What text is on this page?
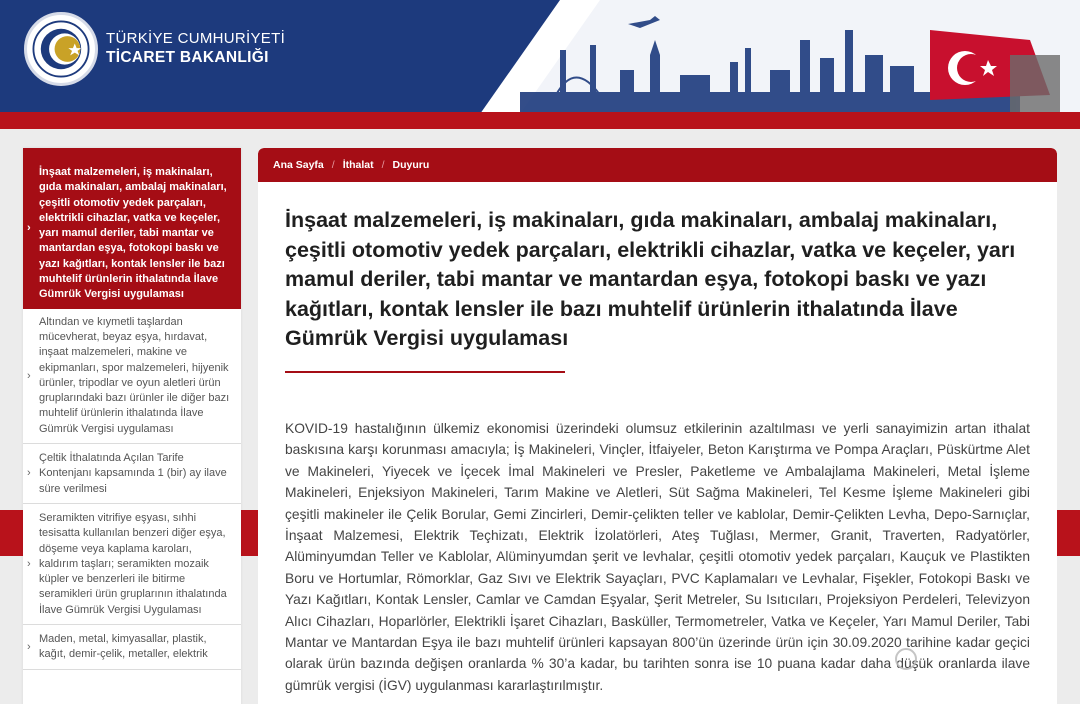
TÜRKİYE CUMHURİYETİ
TİCARET BAKANLIĞI
›
İnşaat malzemeleri, iş makinaları, gıda makinaları, ambalaj makinaları, çeşitli otomotiv yedek parçaları, elektrikli cihazlar, vatka ve keçeler, yarı mamul deriler, tabi mantar ve mantardan eşya, fotokopi baskı ve yazı kağıtları, kontak lensler ile bazı muhtelif ürünlerin ithalatında İlave Gümrük Vergisi uygulaması
›
Altından ve kıymetli taşlardan mücevherat, beyaz eşya, hırdavat, inşaat malzemeleri, makine ve ekipmanları, spor malzemeleri, hijyenik ürünler, tripodlar ve oyun aletleri ürün gruplarındaki bazı ürünler ile diğer bazı muhtelif ürünlerin ithalatında İlave Gümrük Vergisi uygulaması
›
Çeltik İthalatında Açılan Tarife Kontenjanı kapsamında 1 (bir) ay ilave süre verilmesi
›
Seramikten vitrifiye eşyası, sıhhi tesisatta kullanılan benzeri diğer eşya, döşeme veya kaplama karoları, kaldırım taşları; seramikten mozaik küpler ve benzerleri ile bitirme seramikleri ürün gruplarının ithalatında İlave Gümrük Vergisi Uygulaması
›
Maden, metal, kimyasallar, plastik, kağıt, demir-çelik, metaller, elektrik
Ana Sayfa / İthalat / Duyuru
İnşaat malzemeleri, iş makinaları, gıda makinaları, ambalaj makinaları, çeşitli otomotiv yedek parçaları, elektrikli cihazlar, vatka ve keçeler, yarı mamul deriler, tabi mantar ve mantardan eşya, fotokopi baskı ve yazı kağıtları, kontak lensler ile bazı muhtelif ürünlerin ithalatında İlave Gümrük Vergisi uygulaması

KOVID-19 hastalığının ülkemiz ekonomisi üzerindeki olumsuz etkilerinin azaltılması ve yerli sanayimizin artan ithalat baskısına karşı korunması amacıyla; İş Makineleri, Vinçler, İtfaiyeler, Beton Karıştırma ve Pompa Araçları, Püskürtme Alet ve Makineleri, Yiyecek ve İçecek İmal Makineleri ve Presler, Paketleme ve Ambalajlama Makineleri, Metal İşleme Makineleri, Enjeksiyon Makineleri, Tarım Makine ve Aletleri, Süt Sağma Makineleri, Tel Kesme İşleme Makineleri gibi çeşitli makineler ile Çelik Borular, Gemi Zincirleri, Demir-çelikten teller ve kablolar, Demir-Çelikten Levha, Depo-Sarnıçlar, İnşaat Malzemesi, Elektrik Teçhizatı, Elektrik İzolatörleri, Ateş Tuğlası, Mermer, Granit, Traverten, Radyatörler, Alüminyumdan Teller ve Kablolar, Alüminyumdan şerit ve levhalar, çeşitli otomotiv yedek parçaları, Kauçuk ve Plastikten Boru ve Hortumlar, Römorklar, Gaz Sıvı ve Elektrik Sayaçları, PVC Kaplamaları ve Levhalar, Fişekler, Fotokopi Baskı ve Yazı Kağıtları, Kontak Lensler, Camlar ve Camdan Eşyalar, Şerit Metreler, Su Isıtıcıları, Projeksiyon Perdeleri, Televizyon Alıcı Cihazları, Hoparlörler, Elektrikli İşaret Cihazları, Basküller, Termometreler, Vatka ve Keçeler, Yarı Mamul Deriler, Tabi Mantar ve Mantardan Eşya ile bazı muhtelif ürünleri kapsayan 800’ün üzerinde ürün için 30.09.2020 tarihine kadar geçici olarak ürün bazında değişen oranlarda % 30’a kadar, bu tarihten sonra ise 10 puana kadar daha düşük oranlarda ilave gümrük vergisi (İGV) uygulanması kararlaştırılmıştır.
